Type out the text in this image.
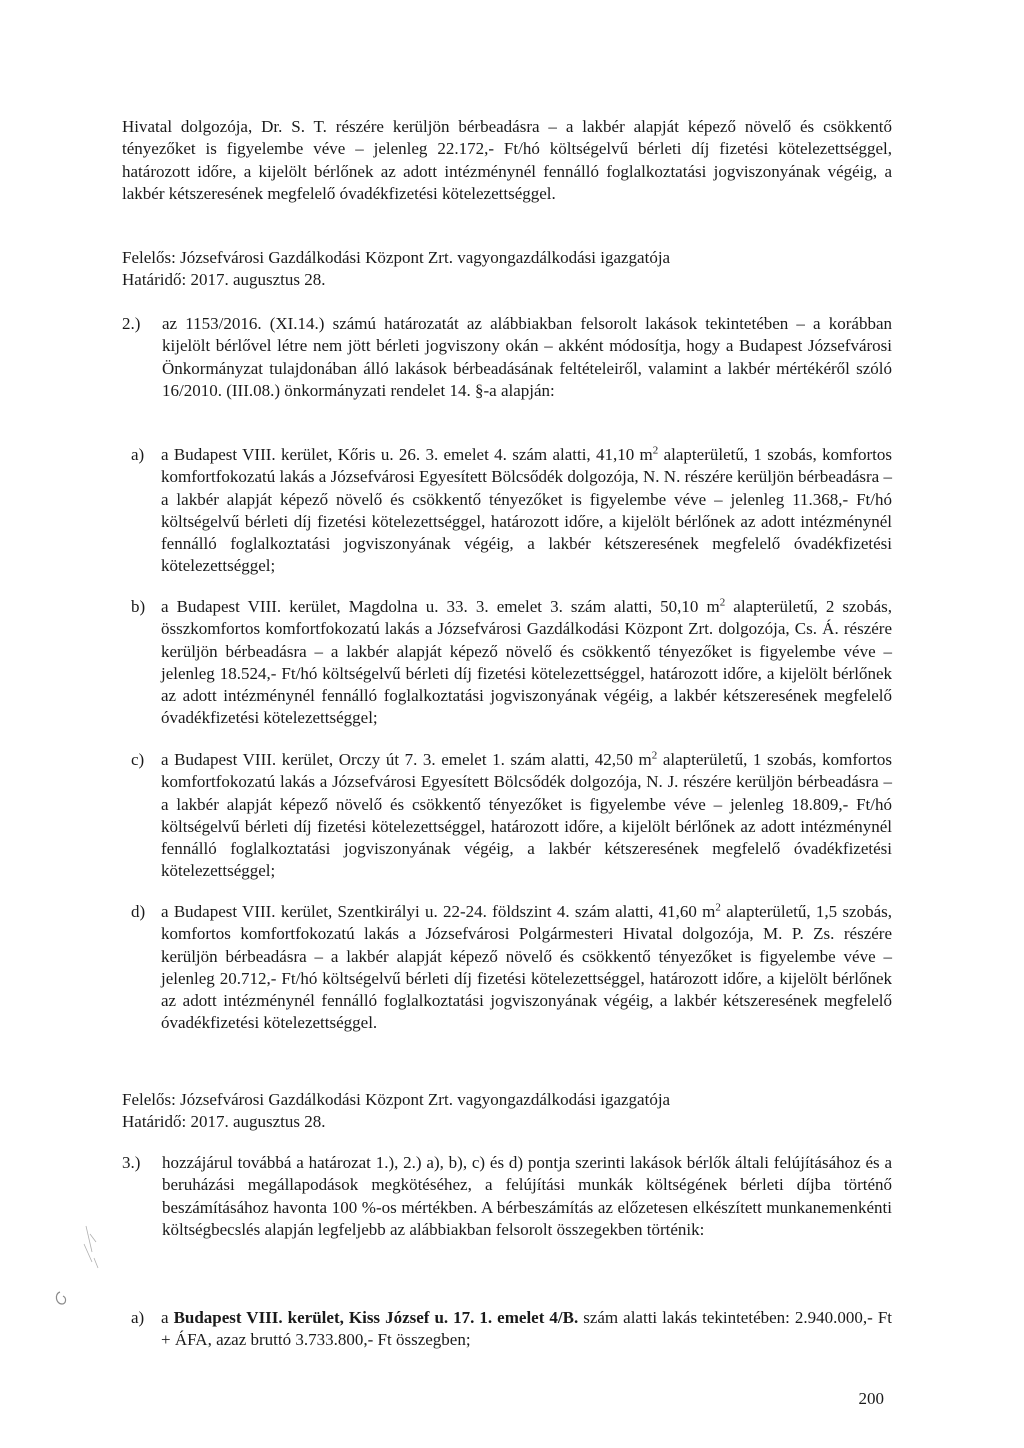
Hivatal dolgozója, Dr. S. T. részére kerüljön bérbeadásra – a lakbér alapját képező növelő és csökkentő tényezőket is figyelembe véve – jelenleg 22.172,- Ft/hó költségelvű bérleti díj fizetési kötelezettséggel, határozott időre, a kijelölt bérlőnek az adott intézménynél fennálló foglalkoztatási jogviszonyának végéig, a lakbér kétszeresének megfelelő óvadékfizetési kötelezettséggel.
Felelős: Józsefvárosi Gazdálkodási Központ Zrt. vagyongazdálkodási igazgatója
Határidő: 2017. augusztus 28.
2.)	az 1153/2016. (XI.14.) számú határozatát az alábbiakban felsorolt lakások tekintetében – a korábban kijelölt bérlővel létre nem jött bérleti jogviszony okán – akként módosítja, hogy a Budapest Józsefvárosi Önkormányzat tulajdonában álló lakások bérbeadásának feltételeiről, valamint a lakbér mértékéről szóló 16/2010. (III.08.) önkormányzati rendelet 14. §-a alapján:
a) a Budapest VIII. kerület, Kőris u. 26. 3. emelet 4. szám alatti, 41,10 $m^2$ alapterületű, 1 szobás, komfortos komfortfokozatú lakás a Józsefvárosi Egyesített Bölcsődék dolgozója, N. N. részére kerüljön bérbeadásra – a lakbér alapját képező növelő és csökkentő tényezőket is figyelembe véve – jelenleg 11.368,- Ft/hó költségelvű bérleti díj fizetési kötelezettséggel, határozott időre, a kijelölt bérlőnek az adott intézménynél fennálló foglalkoztatási jogviszonyának végéig, a lakbér kétszeresének megfelelő óvadékfizetési kötelezettséggel;
b) a Budapest VIII. kerület, Magdolna u. 33. 3. emelet 3. szám alatti, 50,10 $m^2$ alapterületű, 2 szobás, összkomfortos komfortfokozatú lakás a Józsefvárosi Gazdálkodási Központ Zrt. dolgozója, Cs. Á. részére kerüljön bérbeadásra – a lakbér alapját képező növelő és csökkentő tényezőket is figyelembe véve – jelenleg 18.524,- Ft/hó költségelvű bérleti díj fizetési kötelezettséggel, határozott időre, a kijelölt bérlőnek az adott intézménynél fennálló foglalkoztatási jogviszonyának végéig, a lakbér kétszeresének megfelelő óvadékfizetési kötelezettséggel;
c) a Budapest VIII. kerület, Orczy út 7. 3. emelet 1. szám alatti, 42,50 $m^2$ alapterületű, 1 szobás, komfortos komfortfokozatú lakás a Józsefvárosi Egyesített Bölcsődék dolgozója, N. J. részére kerüljön bérbeadásra – a lakbér alapját képező növelő és csökkentő tényezőket is figyelembe véve – jelenleg 18.809,- Ft/hó költségelvű bérleti díj fizetési kötelezettséggel, határozott időre, a kijelölt bérlőnek az adott intézménynél fennálló foglalkoztatási jogviszonyának végéig, a lakbér kétszeresének megfelelő óvadékfizetési kötelezettséggel;
d) a Budapest VIII. kerület, Szentkirályi u. 22-24. földszint 4. szám alatti, 41,60 $m^2$ alapterületű, 1,5 szobás, komfortos komfortfokozatú lakás a Józsefvárosi Polgármesteri Hivatal dolgozója, M. P. Zs. részére kerüljön bérbeadásra – a lakbér alapját képező növelő és csökkentő tényezőket is figyelembe véve – jelenleg 20.712,- Ft/hó költségelvű bérleti díj fizetési kötelezettséggel, határozott időre, a kijelölt bérlőnek az adott intézménynél fennálló foglalkoztatási jogviszonyának végéig, a lakbér kétszeresének megfelelő óvadékfizetési kötelezettséggel.
Felelős: Józsefvárosi Gazdálkodási Központ Zrt. vagyongazdálkodási igazgatója
Határidő: 2017. augusztus 28.
3.)	hozzájárul továbbá a határozat 1.), 2.) a), b), c) és d) pontja szerinti lakások bérlők általi felújításához és a beruházási megállapodások megkötéséhez, a felújítási munkák költségének bérleti díjba történő beszámításához havonta 100 %-os mértékben. A bérbeszámítás az előzetesen elkészített munkanemenkénti költségbecslés alapján legfeljebb az alábbiakban felsorolt összegekben történik:
a) a Budapest VIII. kerület, Kiss József u. 17. 1. emelet 4/B. szám alatti lakás tekintetében: 2.940.000,- Ft + ÁFA, azaz bruttó 3.733.800,- Ft összegben;
200
